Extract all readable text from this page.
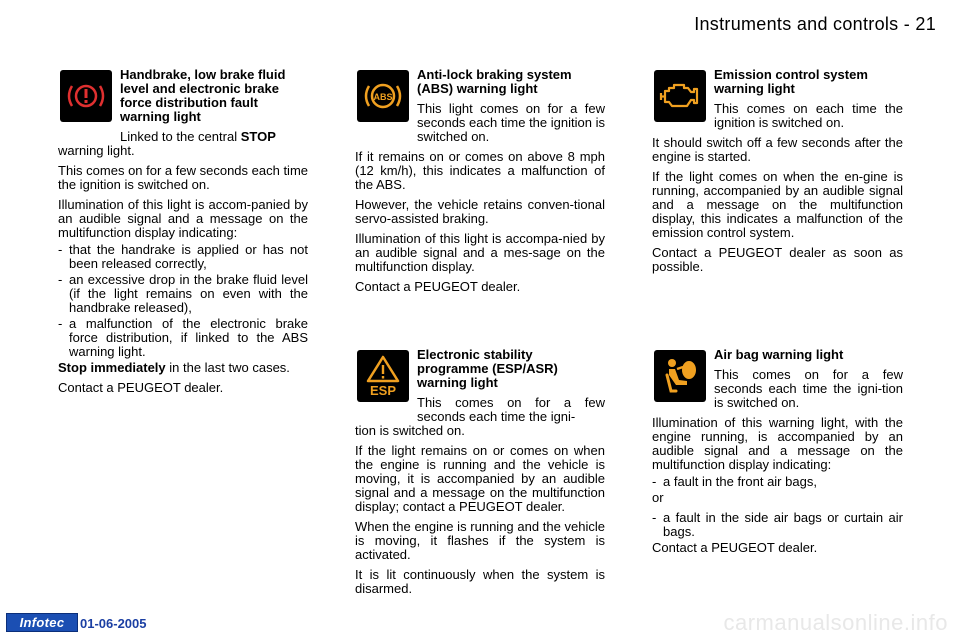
Instruments and controls - 21

Handbrake, low brake fluid level and electronic brake force distribution fault warning light

Linked to the central STOP

warning light.

This comes on for a few seconds each time the ignition is switched on.

Illumination of this light is accom-panied by an audible signal and a message on the multifunction display indicating:

- that the handrake is applied or has not been released correctly,
- an excessive drop in the brake fluid level (if the light remains on even with the handbrake released),
- a malfunction of the electronic brake force distribution, if linked to the ABS warning light.

Stop immediately in the last two cases.

Contact a PEUGEOT dealer.

ABS

Anti-lock braking system (ABS) warning light

This light comes on for a few seconds each time the ignition is switched on.

If it remains on or comes on above 8 mph (12 km/h), this indicates a malfunction of the ABS.

However, the vehicle retains conven-tional servo-assisted braking.

Illumination of this light is accompa-nied by an audible signal and a mes-sage on the multifunction display.

Contact a PEUGEOT dealer.

ESP

Electronic stability programme (ESP/ASR) warning light

This comes on for a few seconds each time the igni-

tion is switched on.

If the light remains on or comes on when the engine is running and the vehicle is moving, it is accompanied by an audible signal and a message on the multifunction display; contact a PEUGEOT dealer.

When the engine is running and the vehicle is moving, it flashes if the system is activated.

It is lit continuously when the system is disarmed.

Emission control system warning light

This comes on each time the ignition is switched on.

It should switch off a few seconds after the engine is started.

If the light comes on when the en-gine is running, accompanied by an audible signal and a message on the multifunction display, this indicates a malfunction of the emission control system.

Contact a PEUGEOT dealer as soon as possible.

Air bag warning light

This comes on for a few seconds each time the igni-tion is switched on.

Illumination of this warning light, with the engine running, is accompanied by an audible signal and a message on the multifunction display indicating:

- a fault in the front air bags,

or

- a fault in the side air bags or curtain air bags.

Contact a PEUGEOT dealer.

Infotec	01-06-2005	carmanualsonline.info
